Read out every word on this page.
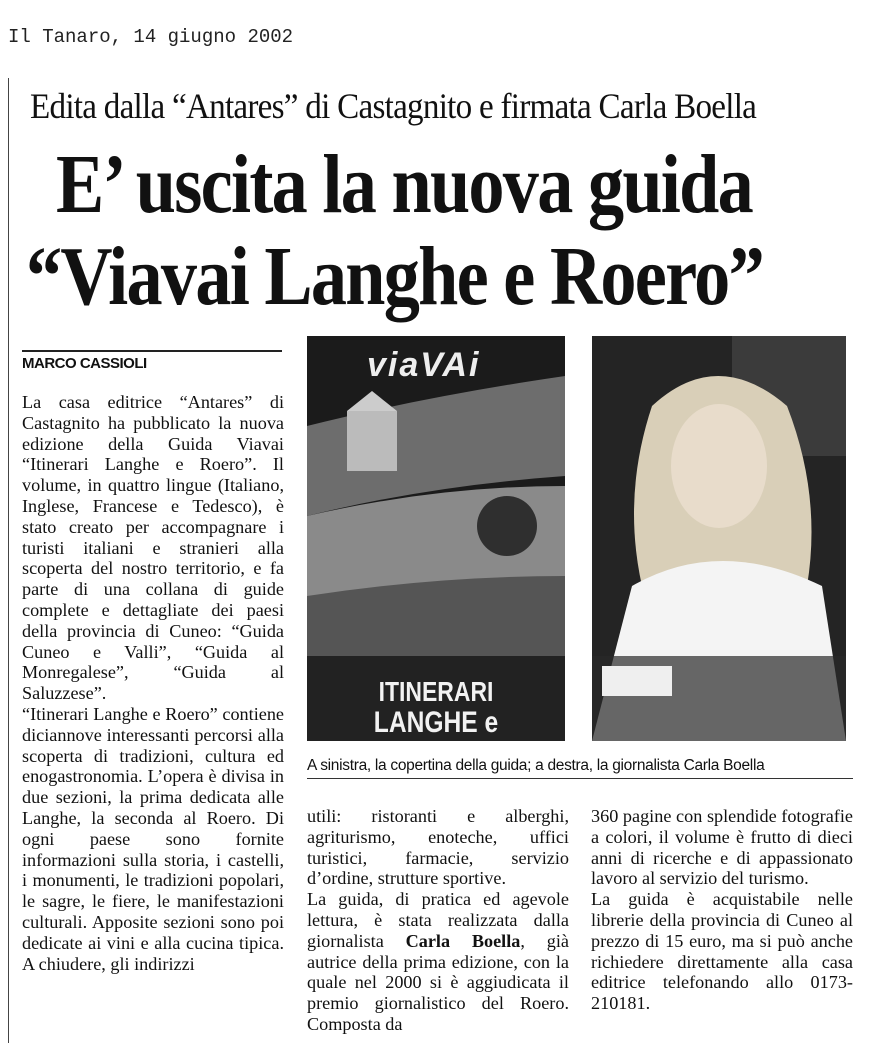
Il Tanaro, 14 giugno 2002
Edita dalla “Antares” di Castagnito e firmata Carla Boella
E’ uscita la nuova guida
“Viavai Langhe e Roero”
MARCO CASSIOLI

La casa editrice “Antares” di Castagnito ha pubblicato la nuova edizione della Guida Viavai “Itinerari Langhe e Roero”. Il volume, in quattro lingue (Italiano, Inglese, Francese e Tedesco), è stato creato per accompagnare i turisti italiani e stranieri alla scoperta del nostro territorio, e fa parte di una collana di guide complete e dettagliate dei paesi della provincia di Cuneo: “Guida Cuneo e Valli”, “Guida al Monregalese”, “Guida al Saluzzese”.

“Itinerari Langhe e Roero” contiene diciannove interessanti percorsi alla scoperta di tradizioni, cultura ed enogastronomia. L’opera è divisa in due sezioni, la prima dedicata alle Langhe, la seconda al Roero. Di ogni paese sono fornite informazioni sulla storia, i castelli, i monumenti, le tradizioni popolari, le sagre, le fiere, le manifestazioni culturali. Apposite sezioni sono poi dedicate ai vini e alla cucina tipica. A chiudere, gli indirizzi

viaVAi
ITINERARI
LANGHE e
A sinistra, la copertina della guida; a destra, la giornalista Carla Boella

utili: ristoranti e alberghi, agriturismo, enoteche, uffici turistici, farmacie, servizio d’ordine, strutture sportive.

La guida, di pratica ed agevole lettura, è stata realizzata dalla giornalista Carla Boella, già autrice della prima edizione, con la quale nel 2000 si è aggiudicata il premio giornalistico del Roero. Composta da

360 pagine con splendide fotografie a colori, il volume è frutto di dieci anni di ricerche e di appassionato lavoro al servizio del turismo.

La guida è acquistabile nelle librerie della provincia di Cuneo al prezzo di 15 euro, ma si può anche richiedere direttamente alla casa editrice telefonando allo 0173-210181.
